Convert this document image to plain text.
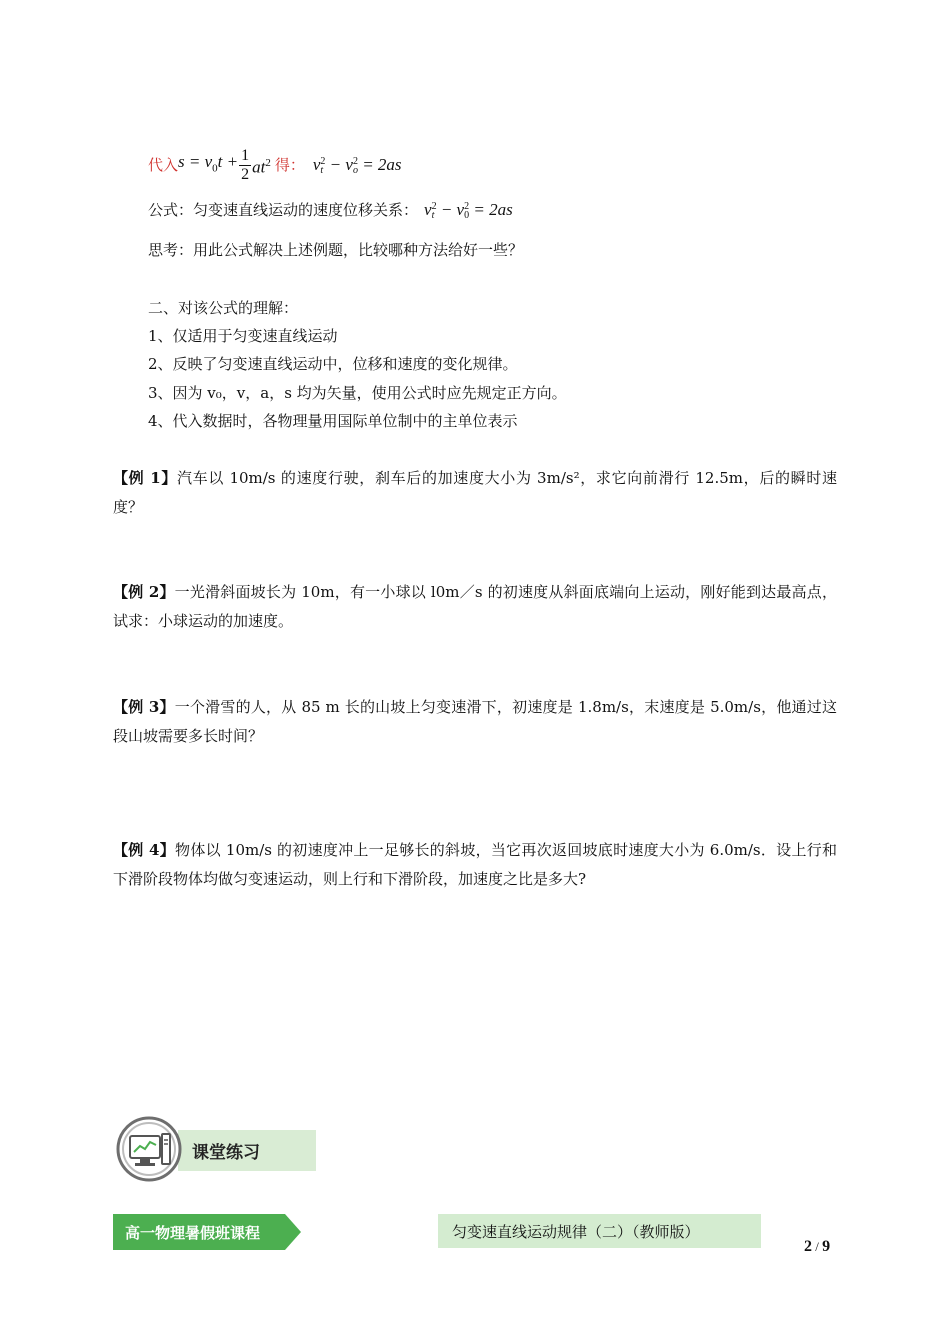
代入 $s = v_0t + \frac{1}{2} at^2$ 得： v 2
t − v 2
o = 2as
公式：匀变速直线运动的速度位移关系： v 2
t − v 2
0 = 2as
思考：用此公式解决上述例题，比较哪种方法给好一些？
二、对该公式的理解：
1、仅适用于匀变速直线运动
2、反映了匀变速直线运动中，位移和速度的变化规律。
3、因为 v₀，v，a，s 均为矢量，使用公式时应先规定正方向。
4、代入数据时，各物理量用国际单位制中的主单位表示
【例 1】汽车以 10m/s 的速度行驶，刹车后的加速度大小为 3m/s²，求它向前滑行 12.5m，后的瞬时速度？
【例 2】一光滑斜面坡长为 10m，有一小球以 l0m／s 的初速度从斜面底端向上运动，刚好能到达最高点，试求：小球运动的加速度。
【例 3】一个滑雪的人，从 85 m 长的山坡上匀变速滑下，初速度是 1.8m/s，末速度是 5.0m/s，他通过这段山坡需要多长时间？
【例 4】物体以 10m/s 的初速度冲上一足够长的斜坡，当它再次返回坡底时速度大小为 6.0m/s．设上行和下滑阶段物体均做匀变速运动，则上行和下滑阶段，加速度之比是多大?
课堂练习
高一物理暑假班课程	匀变速直线运动规律（二）（教师版）
2 / 9
